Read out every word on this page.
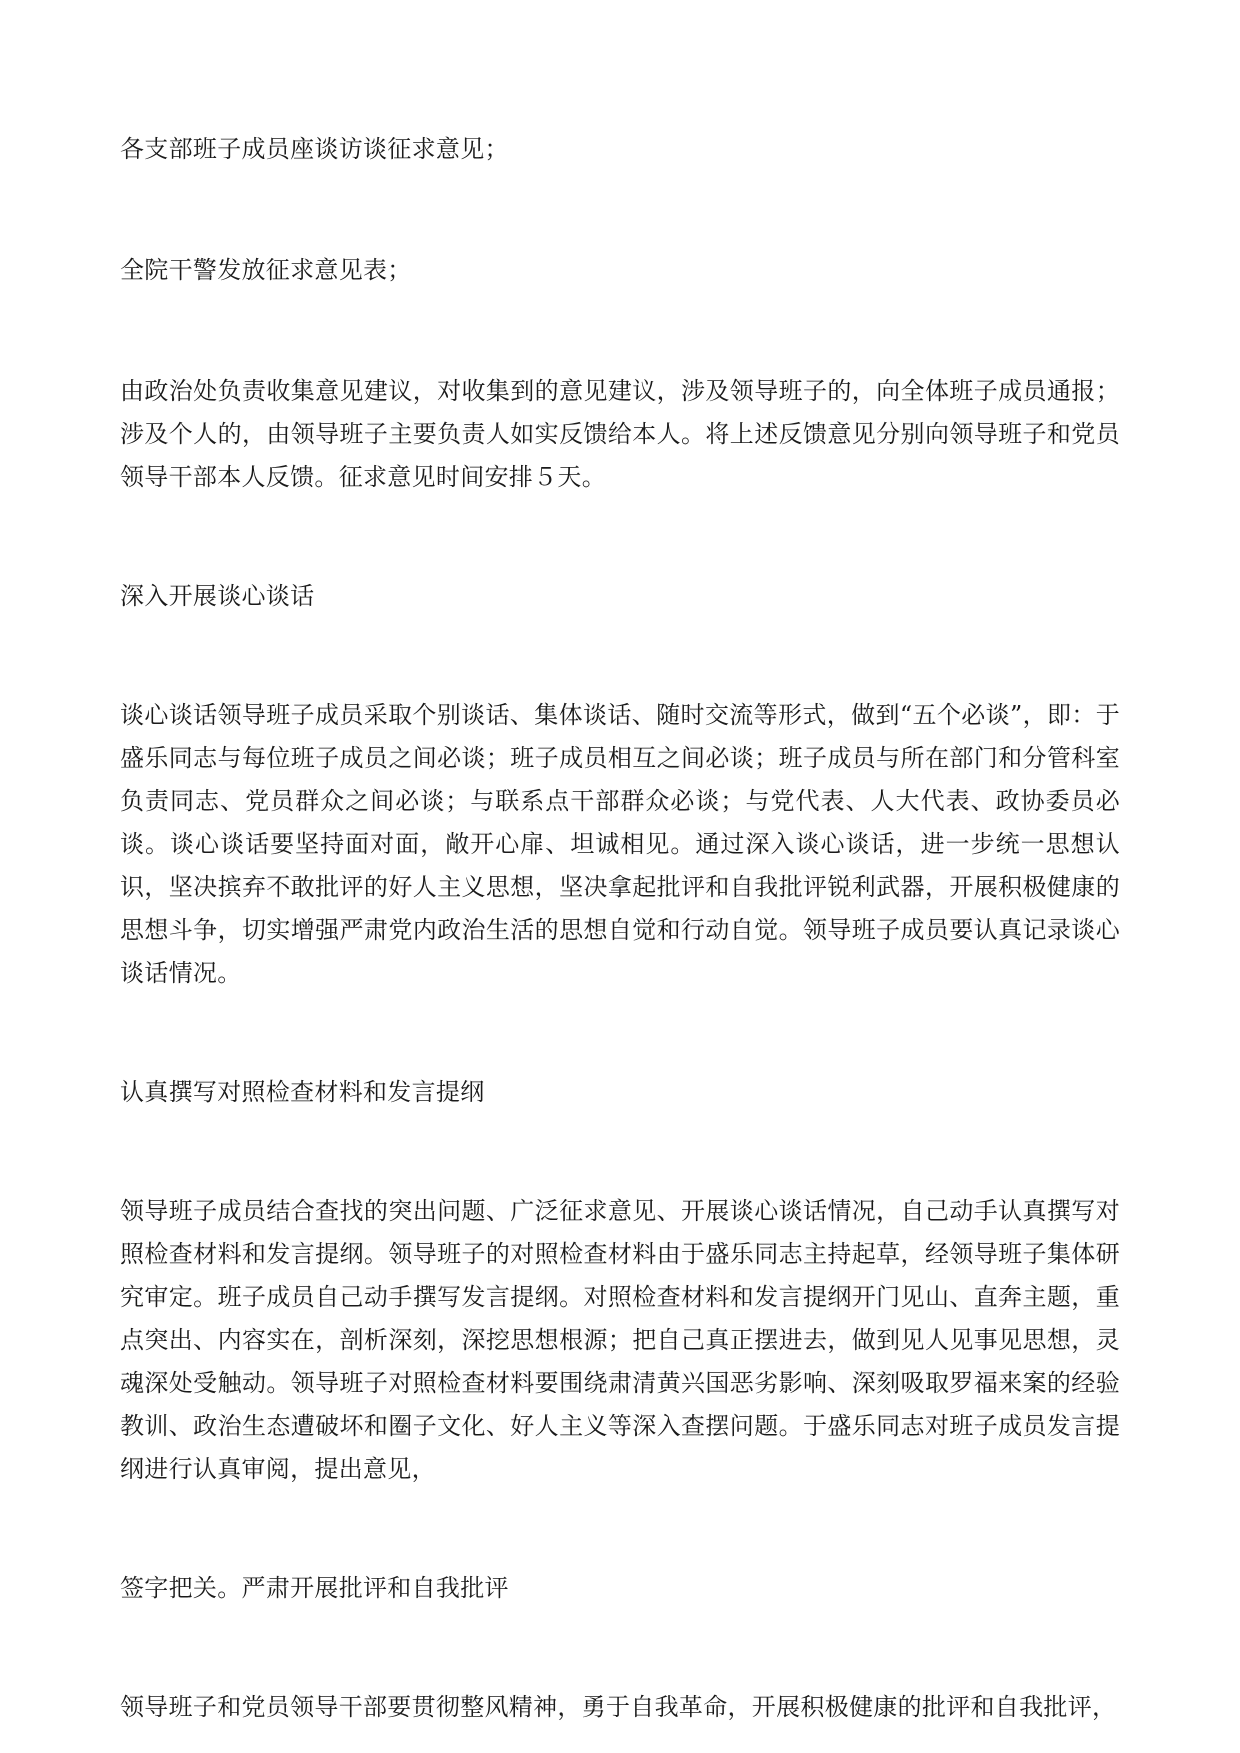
各支部班子成员座谈访谈征求意见；

全院干警发放征求意见表；

由政治处负责收集意见建议，对收集到的意见建议，涉及领导班子的，向全体班子成员通报；涉及个人的，由领导班子主要负责人如实反馈给本人。将上述反馈意见分别向领导班子和党员领导干部本人反馈。征求意见时间安排５天。

深入开展谈心谈话

谈心谈话领导班子成员采取个别谈话、集体谈话、随时交流等形式，做到“五个必谈”，即：于盛乐同志与每位班子成员之间必谈；班子成员相互之间必谈；班子成员与所在部门和分管科室负责同志、党员群众之间必谈；与联系点干部群众必谈；与党代表、人大代表、政协委员必谈。谈心谈话要坚持面对面，敞开心扉、坦诚相见。通过深入谈心谈话，进一步统一思想认识，坚决摈弃不敢批评的好人主义思想，坚决拿起批评和自我批评锐利武器，开展积极健康的思想斗争，切实增强严肃党内政治生活的思想自觉和行动自觉。领导班子成员要认真记录谈心谈话情况。

认真撰写对照检查材料和发言提纲

领导班子成员结合查找的突出问题、广泛征求意见、开展谈心谈话情况，自己动手认真撰写对照检查材料和发言提纲。领导班子的对照检查材料由于盛乐同志主持起草，经领导班子集体研究审定。班子成员自己动手撰写发言提纲。对照检查材料和发言提纲开门见山、直奔主题，重点突出、内容实在，剖析深刻，深挖思想根源；把自己真正摆进去，做到见人见事见思想，灵魂深处受触动。领导班子对照检查材料要围绕肃清黄兴国恶劣影响、深刻吸取罗福来案的经验教训、政治生态遭破坏和圈子文化、好人主义等深入查摆问题。于盛乐同志对班子成员发言提纲进行认真审阅，提出意见，

签字把关。严肃开展批评和自我批评

领导班子和党员领导干部要贯彻整风精神，勇于自我革命，开展积极健康的批评和自我批评，
